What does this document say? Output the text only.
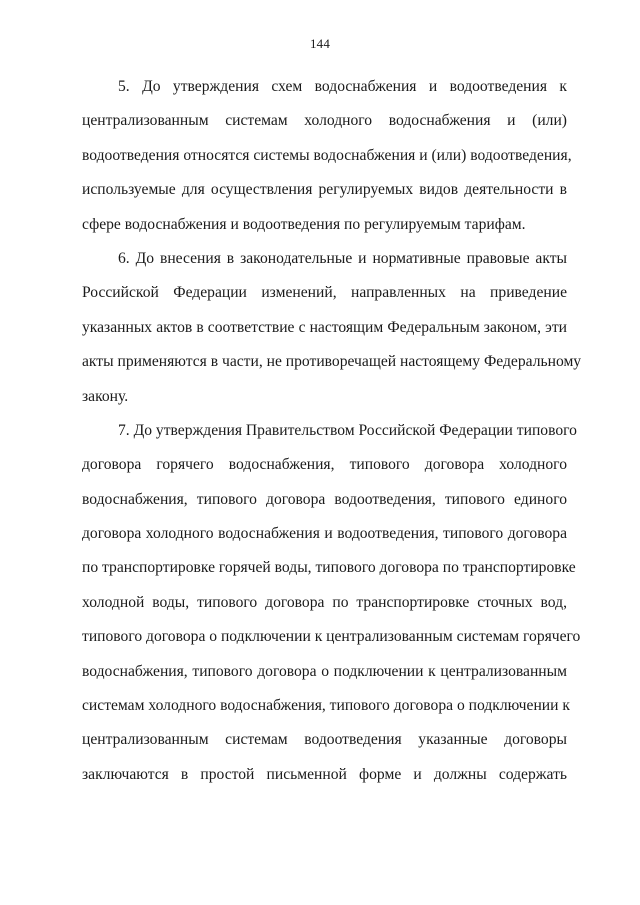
144
5. До утверждения схем водоснабжения и водоотведения к
централизованным системам холодного водоснабжения и (или)
водоотведения относятся системы водоснабжения и (или) водоотведения,
используемые для осуществления регулируемых видов деятельности в
сфере водоснабжения и водоотведения по регулируемым тарифам.
6. До внесения в законодательные и нормативные правовые акты
Российской Федерации изменений, направленных на приведение
указанных актов в соответствие с настоящим Федеральным законом, эти
акты применяются в части, не противоречащей настоящему Федеральному
закону.
7. До утверждения Правительством Российской Федерации типового
договора горячего водоснабжения, типового договора холодного
водоснабжения, типового договора водоотведения, типового единого
договора холодного водоснабжения и водоотведения, типового договора
по транспортировке горячей воды, типового договора по транспортировке
холодной воды, типового договора по транспортировке сточных вод,
типового договора о подключении к централизованным системам горячего
водоснабжения, типового договора о подключении к централизованным
системам холодного водоснабжения, типового договора о подключении к
централизованным системам водоотведения указанные договоры
заключаются в простой письменной форме и должны содержать
